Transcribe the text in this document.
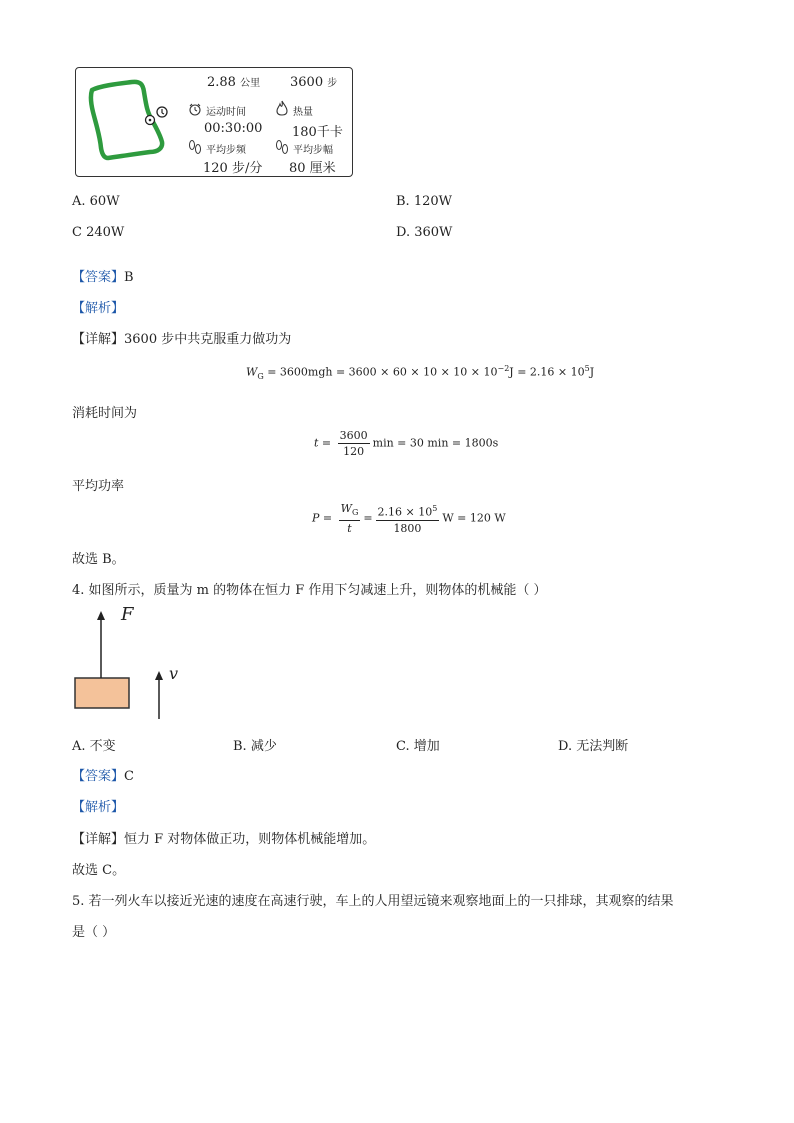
2.88 公里 3600 步
运动时间	热量
00:30:00 180千卡
平均步频	平均步幅
120 步/分 80 厘米
A. 60W	B. 120W
C 240W	D. 360W
【答案】B
【解析】
【详解】3600 步中共克服重力做功为
$W_G = 3600mgh = 3600 \times 60 \times 10 \times 10 \times 10^{-2}J = 2.16 \times 10^5J$
消耗时间为
$t = \frac{3600}{120}$ min = 30 min = 1800s
平均功率
$P = \frac{W_G}{t} = \frac{2.16 \times 10^5}{1800}$ W = 120 W
故选 B。
4. 如图所示，质量为 m 的物体在恒力 F 作用下匀减速上升，则物体的机械能（ ）
F
v
A. 不变	B. 减少	C. 增加	D. 无法判断
【答案】C
【解析】
【详解】恒力 F 对物体做正功，则物体机械能增加。
故选 C。
5. 若一列火车以接近光速的速度在高速行驶，车上的人用望远镜来观察地面上的一只排球，其观察的结果
是（ ）
